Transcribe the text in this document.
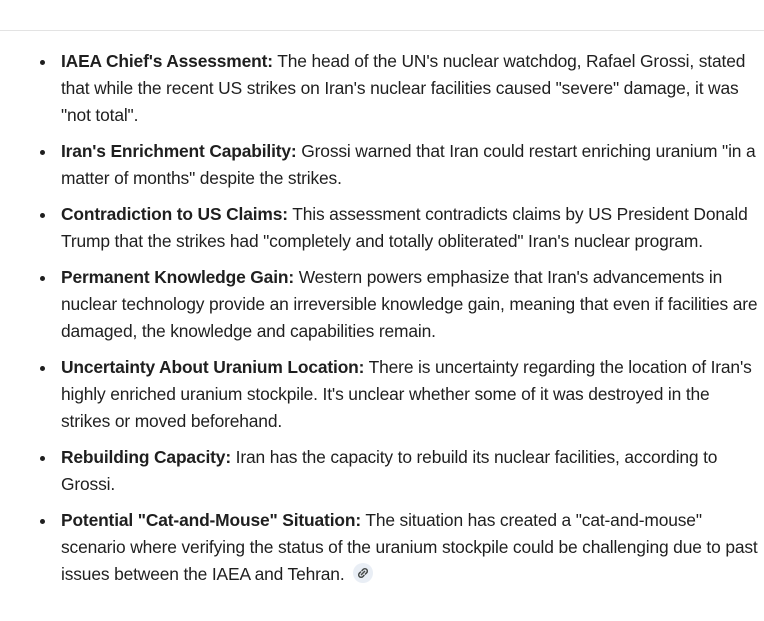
IAEA Chief's Assessment: The head of the UN's nuclear watchdog, Rafael Grossi, stated that while the recent US strikes on Iran's nuclear facilities caused "severe" damage, it was "not total".
Iran's Enrichment Capability: Grossi warned that Iran could restart enriching uranium "in a matter of months" despite the strikes.
Contradiction to US Claims: This assessment contradicts claims by US President Donald Trump that the strikes had "completely and totally obliterated" Iran's nuclear program.
Permanent Knowledge Gain: Western powers emphasize that Iran's advancements in nuclear technology provide an irreversible knowledge gain, meaning that even if facilities are damaged, the knowledge and capabilities remain.
Uncertainty About Uranium Location: There is uncertainty regarding the location of Iran's highly enriched uranium stockpile. It's unclear whether some of it was destroyed in the strikes or moved beforehand.
Rebuilding Capacity: Iran has the capacity to rebuild its nuclear facilities, according to Grossi.
Potential "Cat-and-Mouse" Situation: The situation has created a "cat-and-mouse" scenario where verifying the status of the uranium stockpile could be challenging due to past issues between the IAEA and Tehran.
